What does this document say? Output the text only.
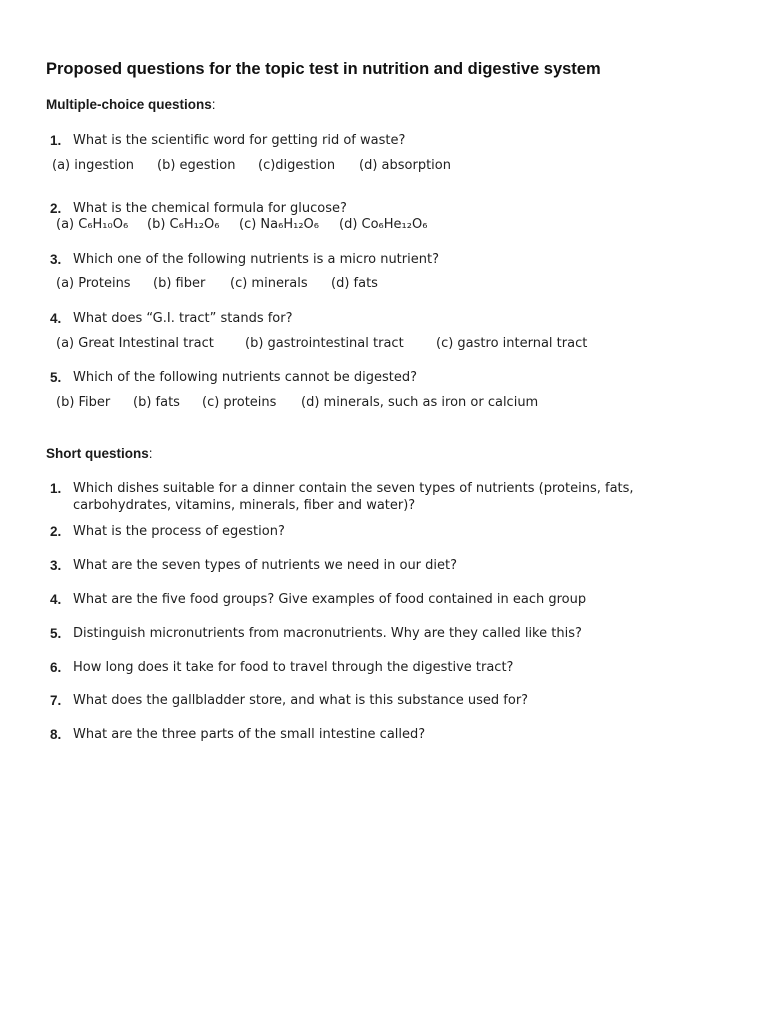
Proposed questions for the topic test in nutrition and digestive system
Multiple-choice questions:
1. What is the scientific word for getting rid of waste?
(a) ingestion (b) egestion (c)digestion (d) absorption
2. What is the chemical formula for glucose?
(a) C₆H₁₀O₆ (b) C₆H₁₂O₆ (c) Na₆H₁₂O₆ (d) Co₆He₁₂O₆
3. Which one of the following nutrients is a micro nutrient?
(a) Proteins (b) fiber (c) minerals (d) fats
4. What does “G.I. tract” stands for?
(a) Great Intestinal tract (b) gastrointestinal tract (c) gastro internal tract
5. Which of the following nutrients cannot be digested?
(b) Fiber (b) fats (c) proteins (d) minerals, such as iron or calcium
Short questions:
1. Which dishes suitable for a dinner contain the seven types of nutrients (proteins, fats, carbohydrates, vitamins, minerals, fiber and water)?
2. What is the process of egestion?
3. What are the seven types of nutrients we need in our diet?
4. What are the five food groups? Give examples of food contained in each group
5. Distinguish micronutrients from macronutrients. Why are they called like this?
6. How long does it take for food to travel through the digestive tract?
7. What does the gallbladder store, and what is this substance used for?
8. What are the three parts of the small intestine called?
